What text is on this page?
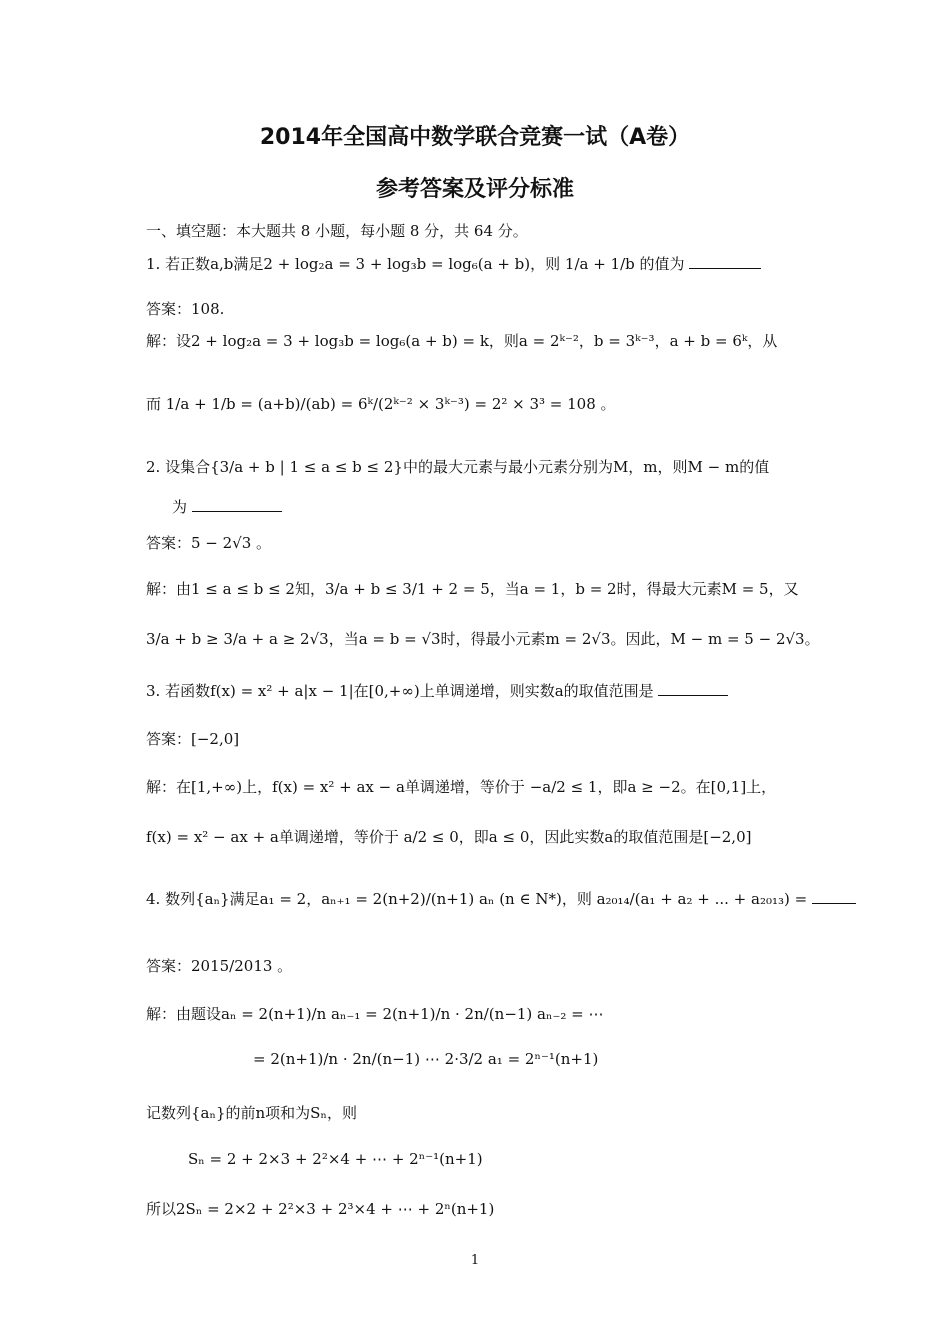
2014年全国高中数学联合竞赛一试（A卷）
参考答案及评分标准
一、填空题：本大题共 8 小题，每小题 8 分，共 64 分。
1. 若正数a,b满足2 + log₂a = 3 + log₃b = log₆(a + b)，则 1/a + 1/b 的值为
答案：108.
解：设2 + log₂a = 3 + log₃b = log₆(a + b) = k，则a = 2ᵏ⁻²，b = 3ᵏ⁻³，a + b = 6ᵏ，从
而 1/a + 1/b = (a+b)/(ab) = 6ᵏ/(2ᵏ⁻² × 3ᵏ⁻³) = 2² × 3³ = 108 。
2. 设集合{3/a + b | 1 ≤ a ≤ b ≤ 2}中的最大元素与最小元素分别为M，m，则M − m的值
为
答案：5 − 2√3 。
解：由1 ≤ a ≤ b ≤ 2知，3/a + b ≤ 3/1 + 2 = 5，当a = 1，b = 2时，得最大元素M = 5，又
3/a + b ≥ 3/a + a ≥ 2√3，当a = b = √3时，得最小元素m = 2√3。因此，M − m = 5 − 2√3。
3. 若函数f(x) = x² + a|x − 1|在[0,+∞)上单调递增，则实数a的取值范围是
答案：[−2,0]
解：在[1,+∞)上，f(x) = x² + ax − a单调递增，等价于 −a/2 ≤ 1，即a ≥ −2。在[0,1]上，
f(x) = x² − ax + a单调递增，等价于 a/2 ≤ 0，即a ≤ 0，因此实数a的取值范围是[−2,0]
4. 数列{aₙ}满足a₁ = 2，aₙ₊₁ = 2(n+2)/(n+1) aₙ (n ∈ N*)，则 a₂₀₁₄/(a₁ + a₂ + ... + a₂₀₁₃) =
答案：2015/2013 。
解：由题设aₙ = 2(n+1)/n aₙ₋₁ = 2(n+1)/n · 2n/(n−1) aₙ₋₂ = ⋯
= 2(n+1)/n · 2n/(n−1) ⋯ 2·3/2 a₁ = 2ⁿ⁻¹(n+1)
记数列{aₙ}的前n项和为Sₙ，则
Sₙ = 2 + 2×3 + 2²×4 + ⋯ + 2ⁿ⁻¹(n+1)
所以2Sₙ = 2×2 + 2²×3 + 2³×4 + ⋯ + 2ⁿ(n+1)
1
